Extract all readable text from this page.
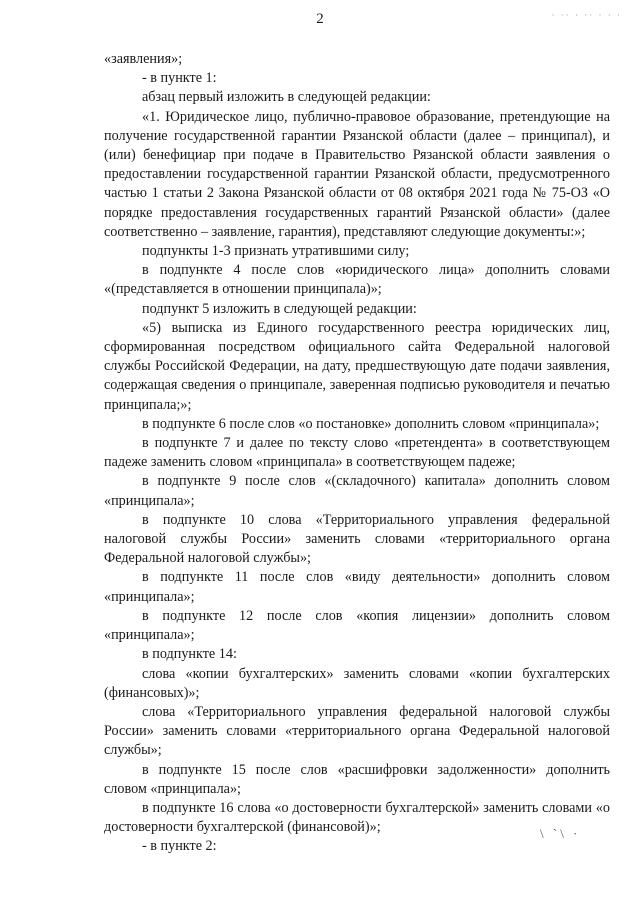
2	· ·· · ·· · · ·

«заявления»;

- в пункте 1:

абзац первый изложить в следующей редакции:

«1. Юридическое лицо, публично-правовое образование, претендующие на получение государственной гарантии Рязанской области (далее – принципал), и (или) бенефициар при подаче в Правительство Рязанской области заявления о предоставлении государственной гарантии Рязанской области, предусмотренного частью 1 статьи 2 Закона Рязанской области от 08 октября 2021 года № 75-ОЗ «О порядке предоставления государственных гарантий Рязанской области» (далее соответственно – заявление, гарантия), представляют следующие документы:»;

подпункты 1-3 признать утратившими силу;

в подпункте 4 после слов «юридического лица» дополнить словами «(представляется в отношении принципала)»;

подпункт 5 изложить в следующей редакции:

«5) выписка из Единого государственного реестра юридических лиц, сформированная посредством официального сайта Федеральной налоговой службы Российской Федерации, на дату, предшествующую дате подачи заявления, содержащая сведения о принципале, заверенная подписью руководителя и печатью принципала;»;

в подпункте 6 после слов «о постановке» дополнить словом «принципала»;

в подпункте 7 и далее по тексту слово «претендента» в соответствующем падеже заменить словом «принципала» в соответствующем падеже;

в подпункте 9 после слов «(складочного) капитала» дополнить словом «принципала»;

в подпункте 10 слова «Территориального управления федеральной налоговой службы России» заменить словами «территориального органа Федеральной налоговой службы»;

в подпункте 11 после слов «виду деятельности» дополнить словом «принципала»;

в подпункте 12 после слов «копия лицензии» дополнить словом «принципала»;

в подпункте 14:

слова «копии бухгалтерских» заменить словами «копии бухгалтерских (финансовых)»;

слова «Территориального управления федеральной налоговой службы России» заменить словами «территориального органа Федеральной налоговой службы»;

в подпункте 15 после слов «расшифровки задолженности» дополнить словом «принципала»;

в подпункте 16 слова «о достоверности бухгалтерской» заменить словами «о достоверности бухгалтерской (финансовой)»;

- в пункте 2:

\ `\ ·
